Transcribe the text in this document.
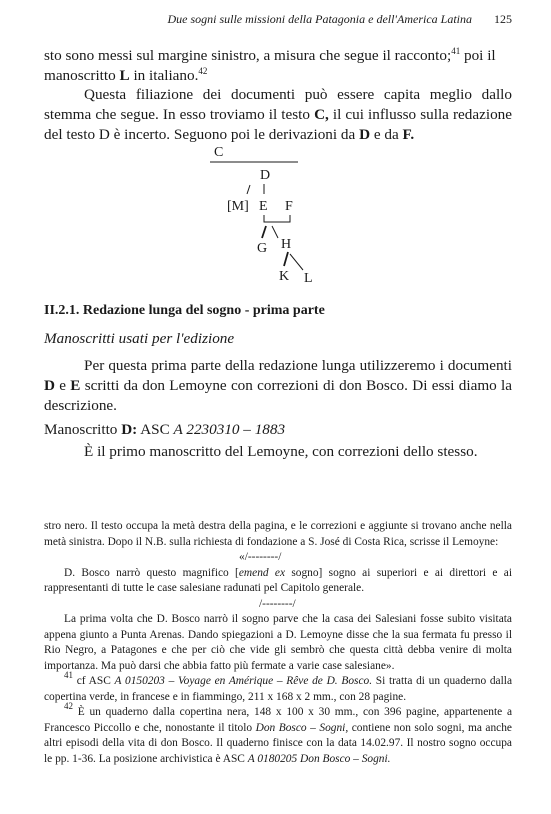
Due sogni sulle missioni della Patagonia e dell'America Latina 125

sto sono messi sul margine sinistro, a misura che segue il racconto;$^{41}$ poi il
manoscritto L in italiano.$^{42}$

Questa filiazione dei documenti può essere capita meglio dallo stemma che segue. In esso troviamo il testo C, il cui influsso sulla redazione del testo D è incerto. Seguono poi le derivazioni da D e da F.

C
D
[M] E F
G H
K L
II.2.1. Redazione lunga del sogno - prima parte
Manoscritti usati per l'edizione

Per questa prima parte della redazione lunga utilizzeremo i documenti D e E scritti da don Lemoyne con correzioni di don Bosco. Di essi diamo la descrizione.

Manoscritto D: ASC A 2230310 – 1883

È il primo manoscritto del Lemoyne, con correzioni dello stesso.

stro nero. Il testo occupa la metà destra della pagina, e le correzioni e aggiunte si trovano anche nella metà sinistra. Dopo il N.B. sulla richiesta di fondazione a S. José di Costa Rica, scrisse il Lemoyne:

«/--------/

D. Bosco narrò questo magnifico [emend ex sogno] sogno ai superiori e ai direttori e ai rappresentanti di tutte le case salesiane radunati pel Capitolo generale.

/--------/

La prima volta che D. Bosco narrò il sogno parve che la casa dei Salesiani fosse subito visitata appena giunto a Punta Arenas. Dando spiegazioni a D. Lemoyne disse che la sua fermata fu presso il Rio Negro, a Patagones e che per ciò che vide gli sembrò che questa città debba venire di molta importanza. Ma può darsi che abbia fatto più fermate a varie case salesiane».

$^{41}$ cf ASC A 0150203 – Voyage en Amérique – Rêve de D. Bosco. Si tratta di un quaderno dalla copertina verde, in francese e in fiammingo, 211 x 168 x 2 mm., con 28 pagine.

$^{42}$ È un quaderno dalla copertina nera, 148 x 100 x 30 mm., con 396 pagine, appartenente a Francesco Piccollo e che, nonostante il titolo Don Bosco – Sogni, contiene non solo sogni, ma anche altri episodi della vita di don Bosco. Il quaderno finisce con la data 14.02.97. Il nostro sogno occupa le pp. 1-36. La posizione archivistica è ASC A 0180205 Don Bosco – Sogni.
